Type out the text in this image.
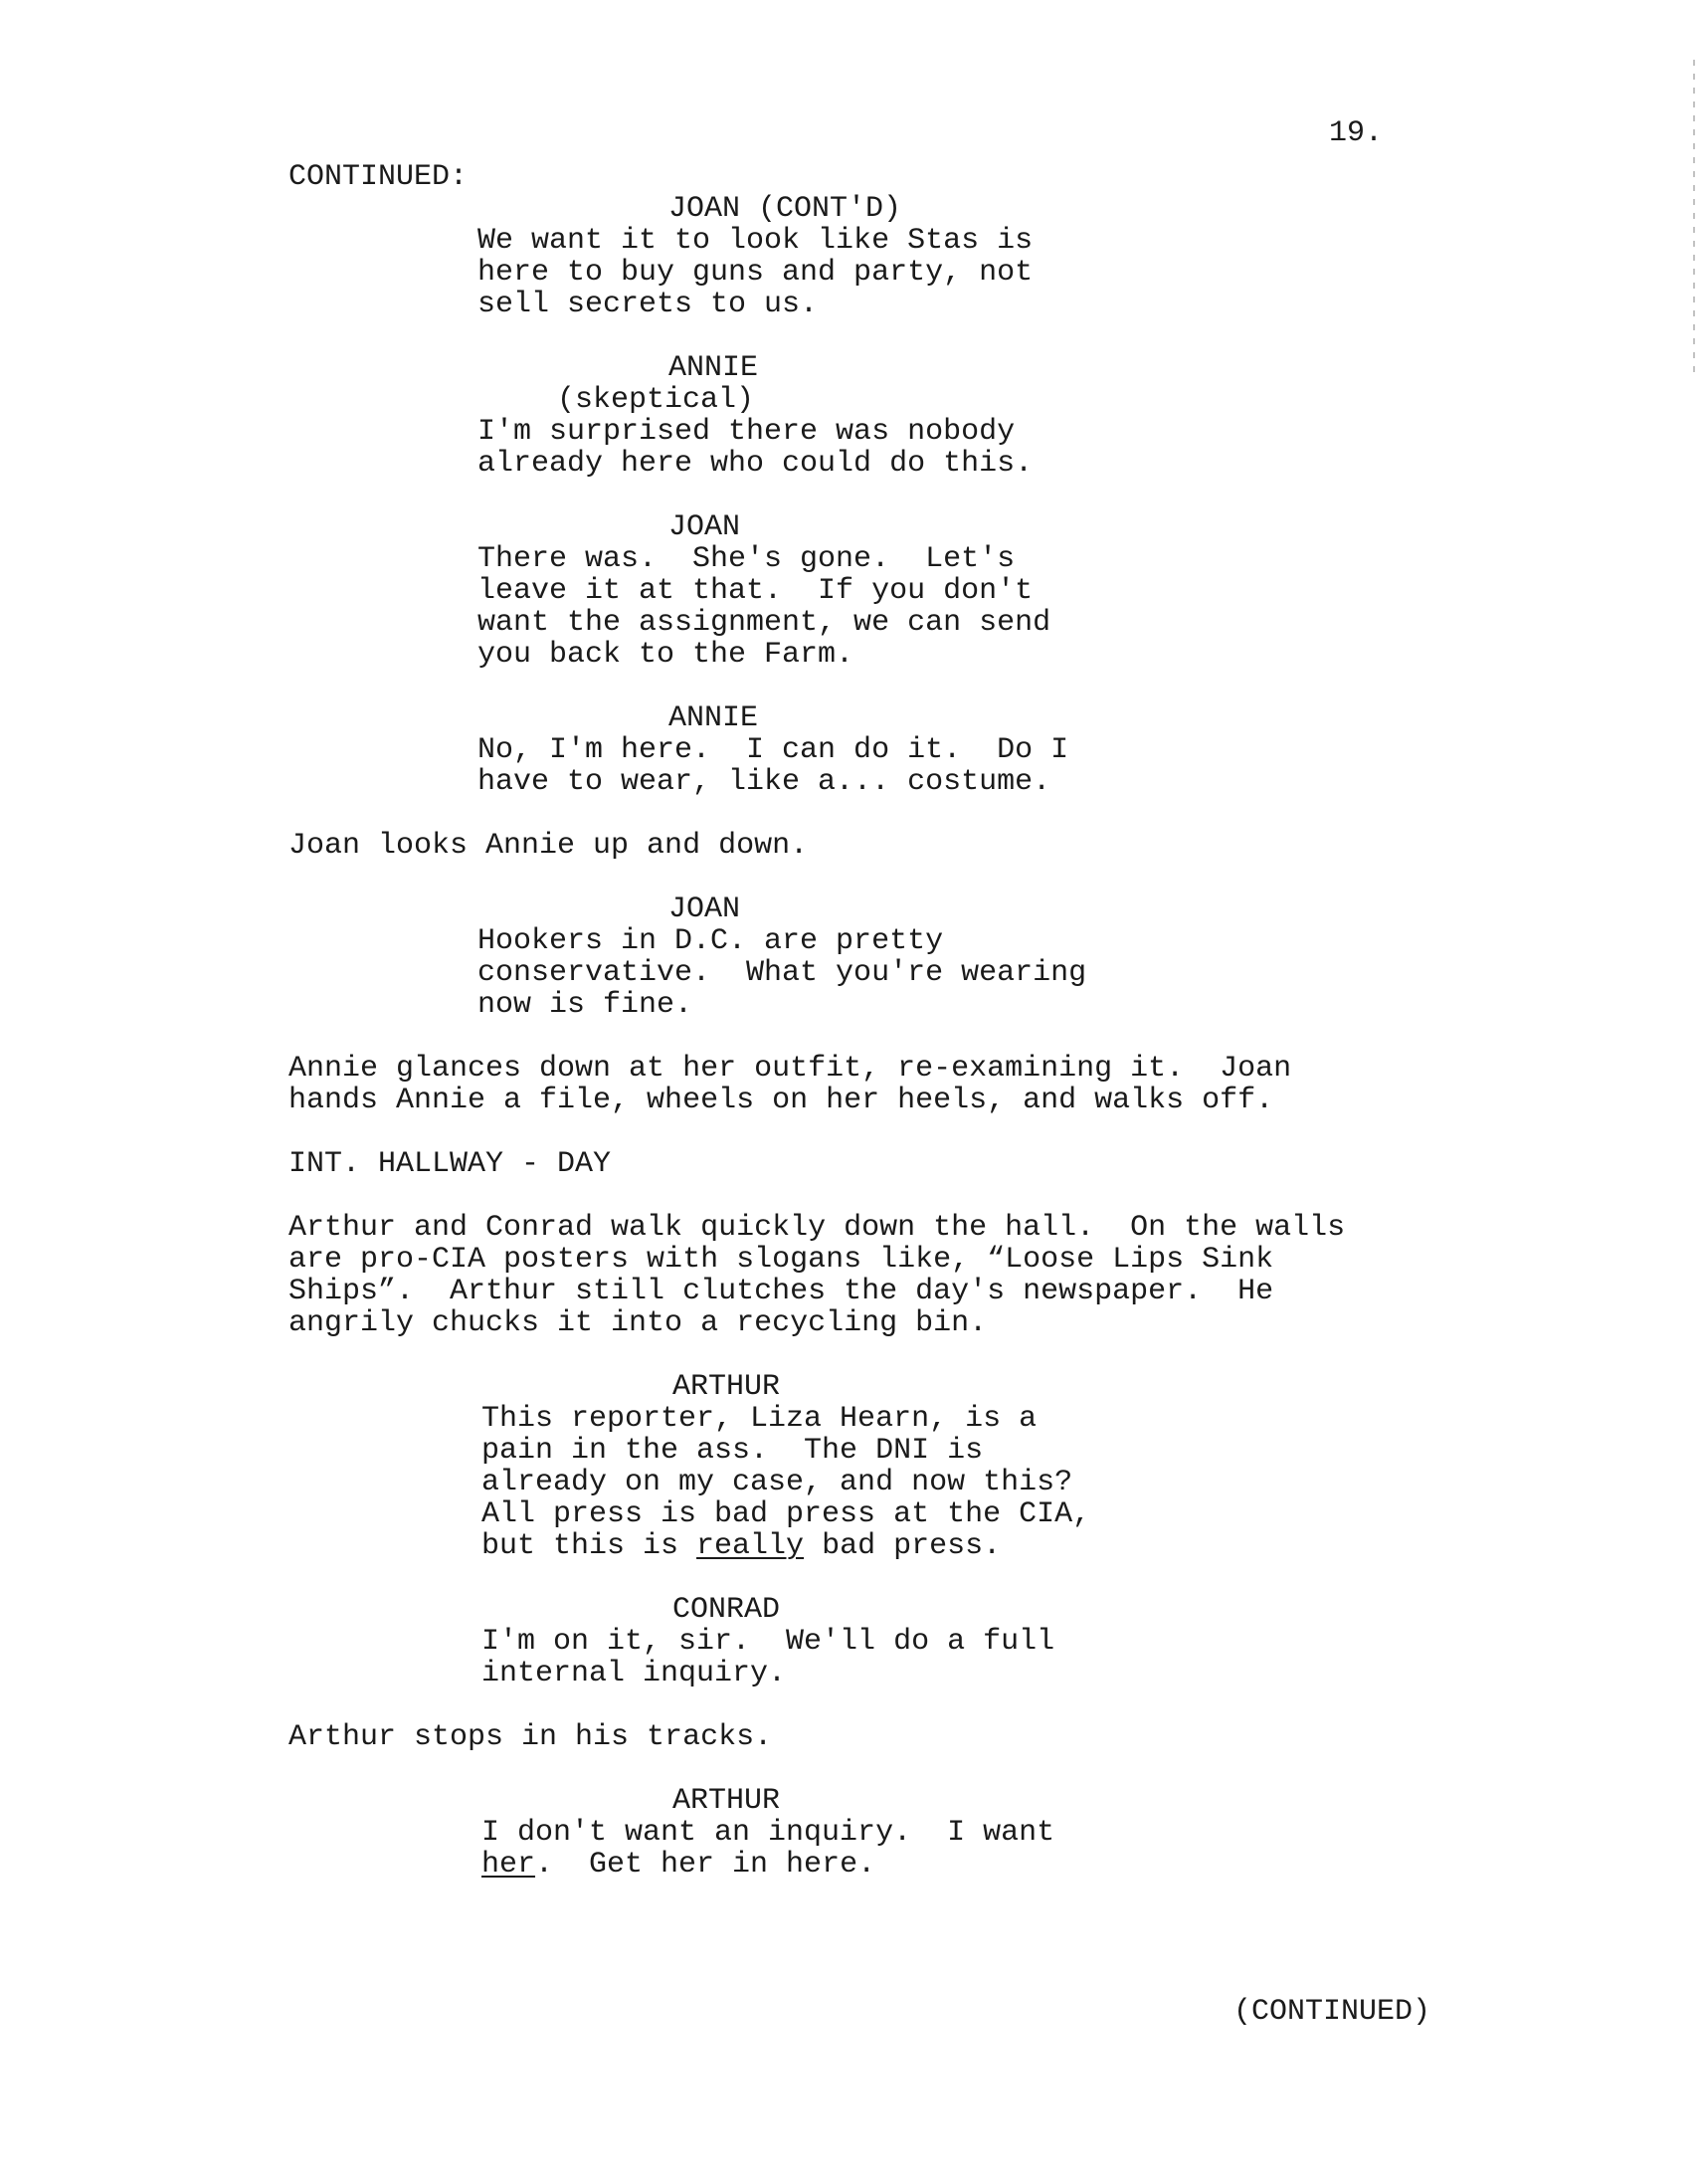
19.
CONTINUED:
JOAN (CONT'D)
We want it to look like Stas is
here to buy guns and party, not
sell secrets to us.
ANNIE
(skeptical)
I'm surprised there was nobody
already here who could do this.
JOAN
There was.  She's gone.  Let's
leave it at that.  If you don't
want the assignment, we can send
you back to the Farm.
ANNIE
No, I'm here.  I can do it.  Do I
have to wear, like a... costume.
Joan looks Annie up and down.
JOAN
Hookers in D.C. are pretty
conservative.  What you're wearing
now is fine.
Annie glances down at her outfit, re-examining it.  Joan
hands Annie a file, wheels on her heels, and walks off.
INT. HALLWAY - DAY
Arthur and Conrad walk quickly down the hall.  On the walls
are pro-CIA posters with slogans like, “Loose Lips Sink
Ships”.  Arthur still clutches the day's newspaper.  He
angrily chucks it into a recycling bin.
ARTHUR
This reporter, Liza Hearn, is a
pain in the ass.  The DNI is
already on my case, and now this?
All press is bad press at the CIA,
but this is really bad press.
CONRAD
I'm on it, sir.  We'll do a full
internal inquiry.
Arthur stops in his tracks.
ARTHUR
I don't want an inquiry.  I want
her.  Get her in here.
(CONTINUED)
